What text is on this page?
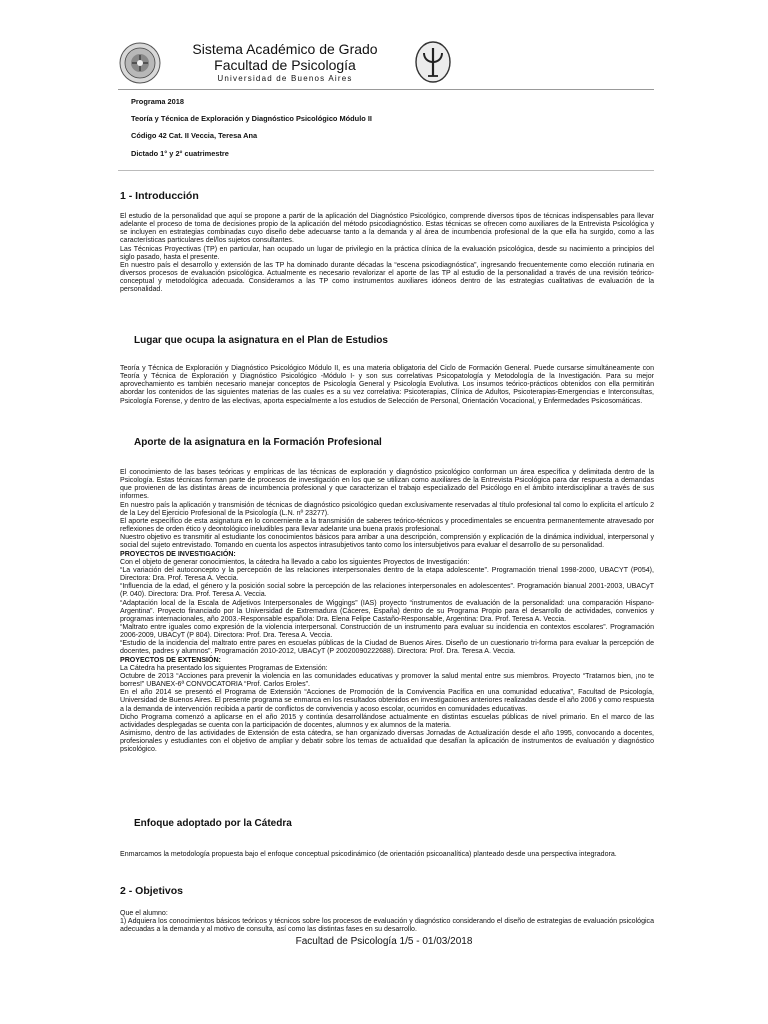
Sistema Académico de Grado
Facultad de Psicología
Universidad de Buenos Aires
Programa 2018
Teoría y Técnica de Exploración y Diagnóstico Psicológico Módulo II
Código 42 Cat. II Veccia, Teresa Ana
Dictado 1° y 2° cuatrimestre
1 - Introducción

El estudio de la personalidad que aquí se propone a partir de la aplicación del Diagnóstico Psicológico, comprende diversos tipos de técnicas indispensables para llevar adelante el proceso de toma de decisiones propio de la aplicación del método psicodiagnóstico. Estas técnicas se ofrecen como auxiliares de la Entrevista Psicológica y se incluyen en estrategias combinadas cuyo diseño debe adecuarse tanto a la demanda y al área de incumbencia profesional de la que ella ha surgido, como a las características particulares del/los sujetos consultantes.

Las Técnicas Proyectivas (TP) en particular, han ocupado un lugar de privilegio en la práctica clínica de la evaluación psicológica, desde su nacimiento a principios del siglo pasado, hasta el presente.

En nuestro país el desarrollo y extensión de las TP ha dominado durante décadas la “escena psicodiagnóstica”, ingresando frecuentemente como elección rutinaria en diversos procesos de evaluación psicológica. Actualmente es necesario revalorizar el aporte de las TP al estudio de la personalidad a través de una revisión teórico-conceptual y metodológica adecuada. Consideramos a las TP como instrumentos auxiliares idóneos dentro de las estrategias cualitativas de evaluación de la personalidad.

Lugar que ocupa la asignatura en el Plan de Estudios

Teoría y Técnica de Exploración y Diagnóstico Psicológico Módulo II, es una materia obligatoria del Ciclo de Formación General. Puede cursarse simultáneamente con Teoría y Técnica de Exploración y Diagnóstico Psicológico -Módulo I- y son sus correlativas Psicopatología y Metodología de la Investigación. Para su mejor aprovechamiento es también necesario manejar conceptos de Psicología General y Psicología Evolutiva. Los insumos teórico-prácticos obtenidos con ella permitirán abordar los contenidos de las siguientes materias de las cuales es a su vez correlativa: Psicoterapias, Clínica de Adultos, Psicoterapias-Emergencias e Interconsultas, Psicología Forense, y dentro de las electivas, aporta especialmente a los estudios de Selección de Personal, Orientación Vocacional, y Enfermedades Psicosomáticas.

Aporte de la asignatura en la Formación Profesional

El conocimiento de las bases teóricas y empíricas de las técnicas de exploración y diagnóstico psicológico conforman un área específica y delimitada dentro de la Psicología. Estas técnicas forman parte de procesos de investigación en los que se utilizan como auxiliares de la Entrevista Psicológica para dar respuesta a demandas que provienen de las distintas áreas de incumbencia profesional y que caracterizan el trabajo especializado del Psicólogo en el ámbito interdisciplinar a través de sus informes.

En nuestro país la aplicación y transmisión de técnicas de diagnóstico psicológico quedan exclusivamente reservadas al título profesional tal como lo explicita el artículo 2 de la Ley del Ejercicio Profesional de la Psicología (L.N. nº 23277).

El aporte específico de esta asignatura en lo concerniente a la transmisión de saberes teórico-técnicos y procedimentales se encuentra permanentemente atravesado por reflexiones de orden ético y deontológico ineludibles para llevar adelante una buena praxis profesional.

Nuestro objetivo es transmitir al estudiante los conocimientos básicos para arribar a una descripción, comprensión y explicación de la dinámica individual, interpersonal y social del sujeto entrevistado. Tomando en cuenta los aspectos intrasubjetivos tanto como los intersubjetivos para evaluar el desarrollo de su personalidad.

PROYECTOS DE INVESTIGACIÓN:

Con el objeto de generar conocimientos, la cátedra ha llevado a cabo los siguientes Proyectos de Investigación:

“La variación del autoconcepto y la percepción de las relaciones interpersonales dentro de la etapa adolescente”. Programación trienal 1998-2000, UBACYT (P054), Directora: Dra. Prof. Teresa A. Veccia.

“Influencia de la edad, el género y la posición social sobre la percepción de las relaciones interpersonales en adolescentes”. Programación bianual 2001-2003, UBACyT (P. 040). Directora: Dra. Prof. Teresa A. Veccia.

“Adaptación local de la Escala de Adjetivos Interpersonales de Wiggings” (IAS) proyecto “instrumentos de evaluación de la personalidad: una comparación Hispano-Argentina”. Proyecto financiado por la Universidad de Extremadura (Cáceres, España) dentro de su Programa Propio para el desarrollo de actividades, convenios y programas internacionales, año 2003.-Responsable española: Dra. Elena Felipe Castaño-Responsable, Argentina: Dra. Prof. Teresa A. Veccia.

“Maltrato entre iguales como expresión de la violencia interpersonal. Construcción de un instrumento para evaluar su incidencia en contextos escolares”. Programación 2006-2009, UBACyT (P 804). Directora: Prof. Dra. Teresa A. Veccia.

“Estudio de la incidencia del maltrato entre pares en escuelas públicas de la Ciudad de Buenos Aires. Diseño de un cuestionario tri-forma para evaluar la percepción de docentes, padres y alumnos”. Programación 2010-2012, UBACyT (P 20020090222688). Directora: Prof. Dra. Teresa A. Veccia.

PROYECTOS DE EXTENSIÓN:

La Cátedra ha presentado los siguientes Programas de Extensión:

Octubre de 2013 “Acciones para prevenir la violencia en las comunidades educativas y promover la salud mental entre sus miembros. Proyecto “Tratarnos bien, ¡no te borres!” UBANEX-6ª CONVOCATORIA “Prof. Carlos Eroles”.

En el año 2014 se presentó el Programa de Extensión “Acciones de Promoción de la Convivencia Pacífica en una comunidad educativa”, Facultad de Psicología, Universidad de Buenos Aires. El presente programa se enmarca en los resultados obtenidos en investigaciones anteriores realizadas desde el año 2006 y como respuesta a la demanda de intervención recibida a partir de conflictos de convivencia y acoso escolar, ocurridos en comunidades educativas.

Dicho Programa comenzó a aplicarse en el año 2015 y continúa desarrollándose actualmente en distintas escuelas públicas de nivel primario. En el marco de las actividades desplegadas se cuenta con la participación de docentes, alumnos y ex alumnos de la materia.

Asimismo, dentro de las actividades de Extensión de esta cátedra, se han organizado diversas Jornadas de Actualización desde el año 1995, convocando a docentes, profesionales y estudiantes con el objetivo de ampliar y debatir sobre los temas de actualidad que desafían la aplicación de instrumentos de evaluación y diagnóstico psicológico.

Enfoque adoptado por la Cátedra

Enmarcamos la metodología propuesta bajo el enfoque conceptual psicodinámico (de orientación psicoanalítica) planteado desde una perspectiva integradora.

2 - Objetivos

Que el alumno:

1) Adquiera los conocimientos básicos teóricos y técnicos sobre los procesos de evaluación y diagnóstico considerando el diseño de estrategias de evaluación psicológica adecuadas a la demanda y al motivo de consulta, así como las distintas fases en su desarrollo.

Facultad de Psicología 1/5 - 01/03/2018
